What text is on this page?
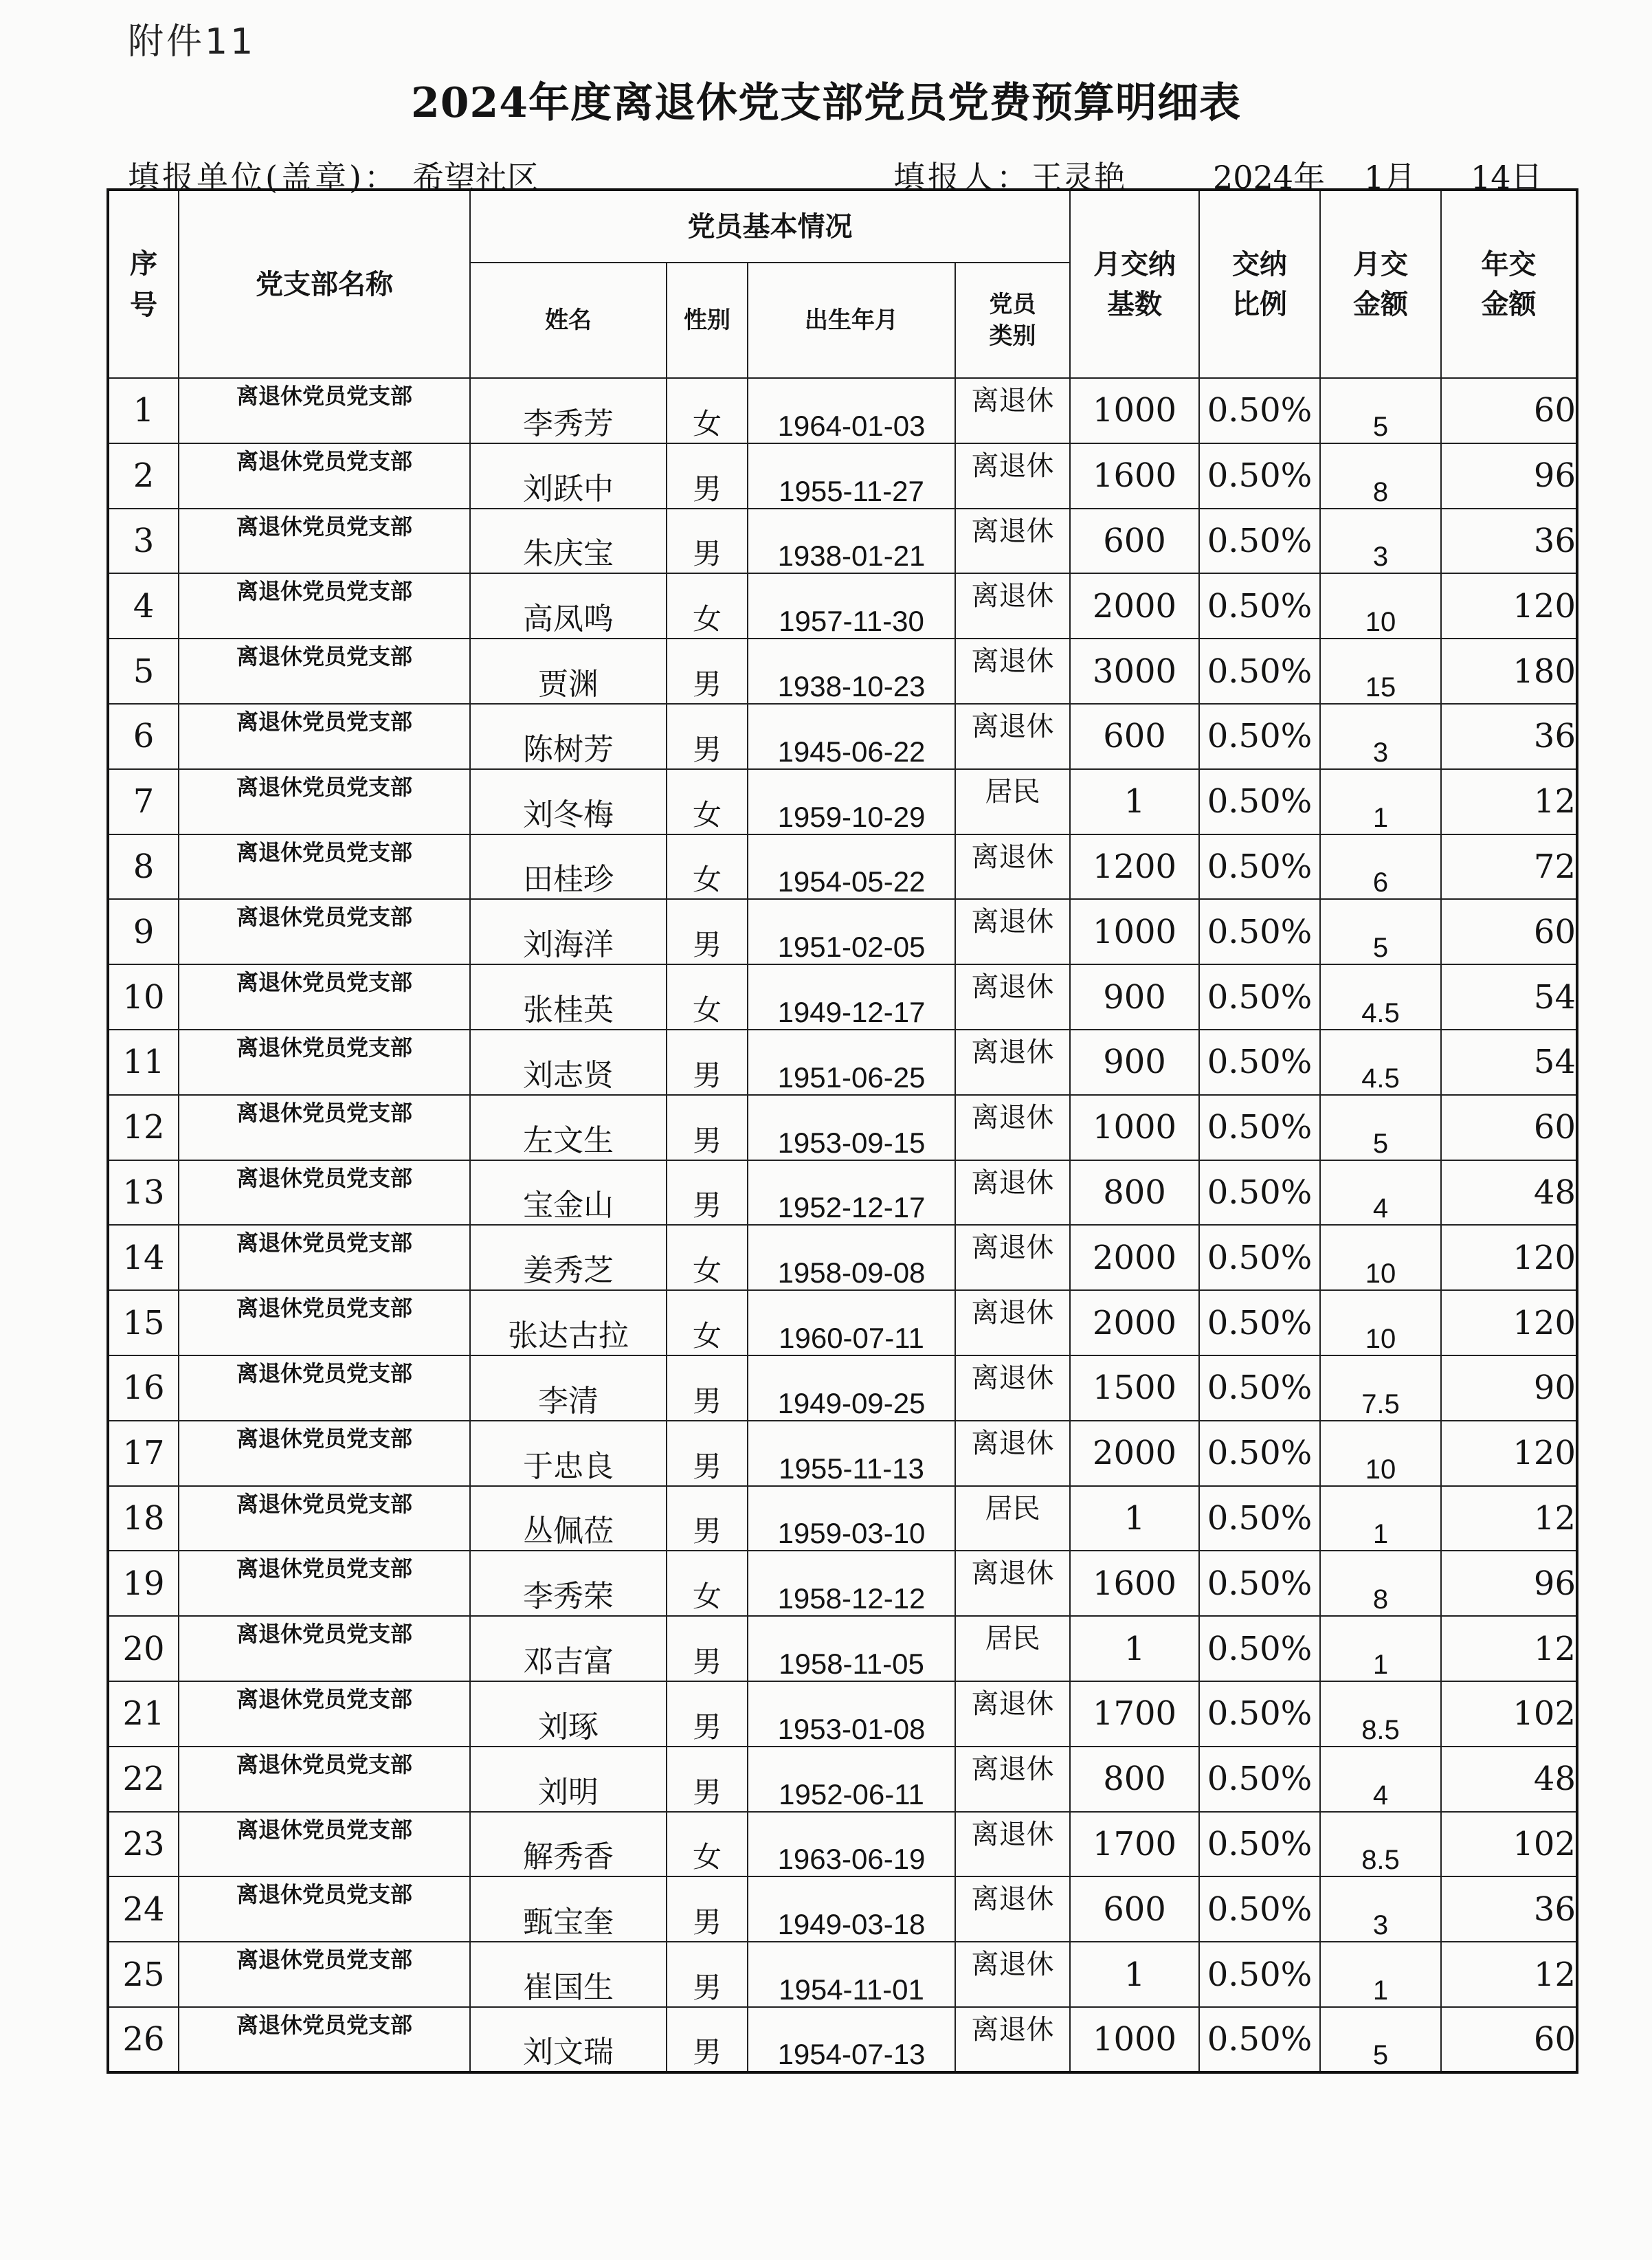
附件11
2024年度离退休党支部党员党费预算明细表
填报单位(盖章)： 希望社区	填报人： 王灵艳	2024年 1月 14日
序号	党支部名称	党员基本情况				月交纳基数	交纳比例	月交金额	年交金额

		姓名	性别	出生年月	党员类别				

1	离退休党员党支部	李秀芳	女	1964-01-03	离退休	1000	0.50%	5	60
2	离退休党员党支部	刘跃中	男	1955-11-27	离退休	1600	0.50%	8	96
3	离退休党员党支部	朱庆宝	男	1938-01-21	离退休	600	0.50%	3	36
4	离退休党员党支部	高凤鸣	女	1957-11-30	离退休	2000	0.50%	10	120
5	离退休党员党支部	贾渊	男	1938-10-23	离退休	3000	0.50%	15	180
6	离退休党员党支部	陈树芳	男	1945-06-22	离退休	600	0.50%	3	36
7	离退休党员党支部	刘冬梅	女	1959-10-29	居民	1	0.50%	1	12
8	离退休党员党支部	田桂珍	女	1954-05-22	离退休	1200	0.50%	6	72
9	离退休党员党支部	刘海洋	男	1951-02-05	离退休	1000	0.50%	5	60
10	离退休党员党支部	张桂英	女	1949-12-17	离退休	900	0.50%	4.5	54
11	离退休党员党支部	刘志贤	男	1951-06-25	离退休	900	0.50%	4.5	54
12	离退休党员党支部	左文生	男	1953-09-15	离退休	1000	0.50%	5	60
13	离退休党员党支部	宝金山	男	1952-12-17	离退休	800	0.50%	4	48
14	离退休党员党支部	姜秀芝	女	1958-09-08	离退休	2000	0.50%	10	120
15	离退休党员党支部	张达古拉	女	1960-07-11	离退休	2000	0.50%	10	120
16	离退休党员党支部	李清	男	1949-09-25	离退休	1500	0.50%	7.5	90
17	离退休党员党支部	于忠良	男	1955-11-13	离退休	2000	0.50%	10	120
18	离退休党员党支部	丛佩莅	男	1959-03-10	居民	1	0.50%	1	12
19	离退休党员党支部	李秀荣	女	1958-12-12	离退休	1600	0.50%	8	96
20	离退休党员党支部	邓吉富	男	1958-11-05	居民	1	0.50%	1	12
21	离退休党员党支部	刘琢	男	1953-01-08	离退休	1700	0.50%	8.5	102
22	离退休党员党支部	刘明	男	1952-06-11	离退休	800	0.50%	4	48
23	离退休党员党支部	解秀香	女	1963-06-19	离退休	1700	0.50%	8.5	102
24	离退休党员党支部	甄宝奎	男	1949-03-18	离退休	600	0.50%	3	36
25	离退休党员党支部	崔国生	男	1954-11-01	离退休	1	0.50%	1	12
26	离退休党员党支部	刘文瑞	男	1954-07-13	离退休	1000	0.50%	5	60
